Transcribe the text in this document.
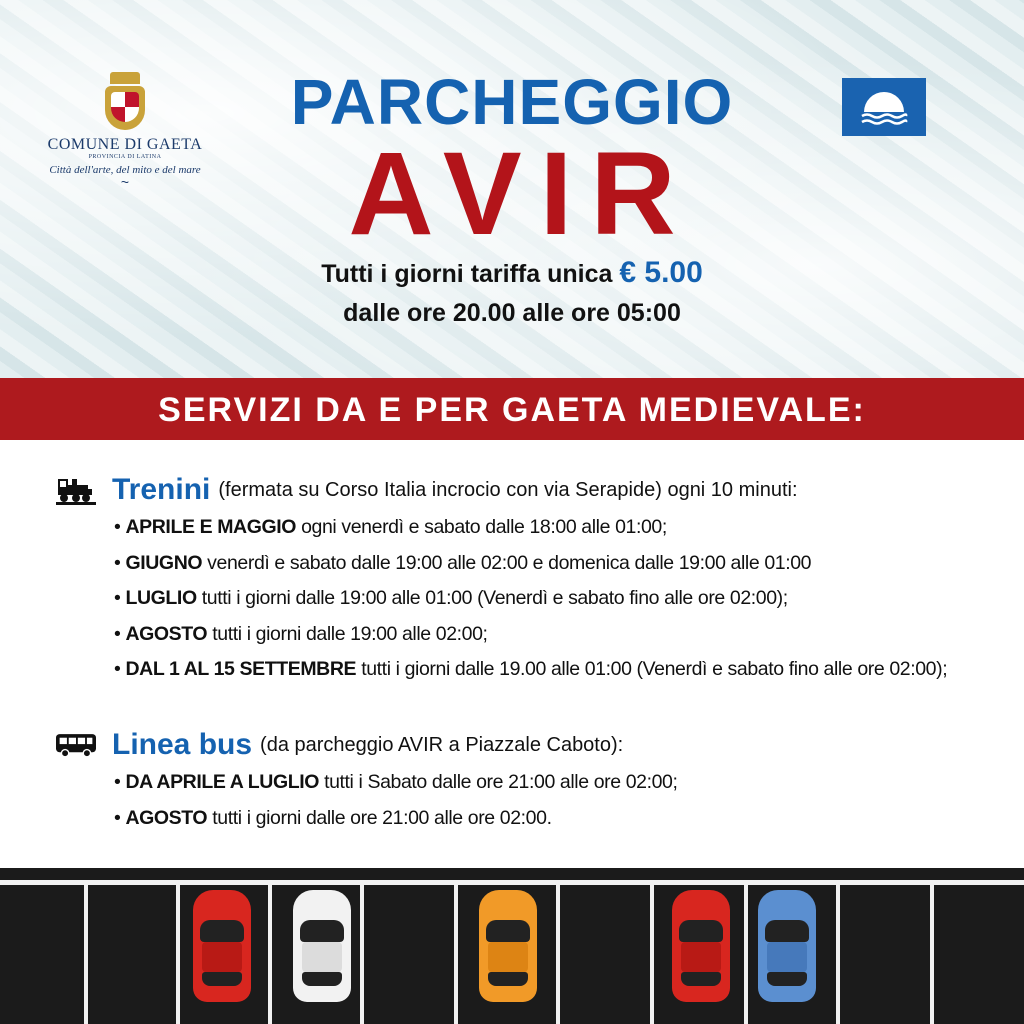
COMUNE DI GAETA
PROVINCIA DI LATINA
Città dell'arte, del mito e del mare
~
PARCHEGGIO
AVIR
Tutti i giorni tariffa unica € 5.00
dalle ore 20.00 alle ore 05:00
SERVIZI DA E PER GAETA MEDIEVALE:
Trenini (fermata su Corso Italia incrocio con via Serapide) ogni 10 minuti:
• APRILE E MAGGIO ogni venerdì e sabato dalle 18:00 alle 01:00;
• GIUGNO venerdì e sabato dalle 19:00 alle 02:00 e domenica dalle 19:00 alle 01:00
• LUGLIO tutti i giorni dalle 19:00 alle 01:00 (Venerdì e sabato fino alle ore 02:00);
• AGOSTO tutti i giorni dalle 19:00 alle 02:00;
• DAL 1 AL 15 SETTEMBRE tutti i giorni dalle 19.00 alle 01:00 (Venerdì e sabato fino alle ore 02:00);
Linea bus (da parcheggio AVIR a Piazzale Caboto):
• DA APRILE A LUGLIO tutti i Sabato dalle ore 21:00 alle ore 02:00;
• AGOSTO tutti i giorni dalle ore 21:00 alle ore 02:00.
